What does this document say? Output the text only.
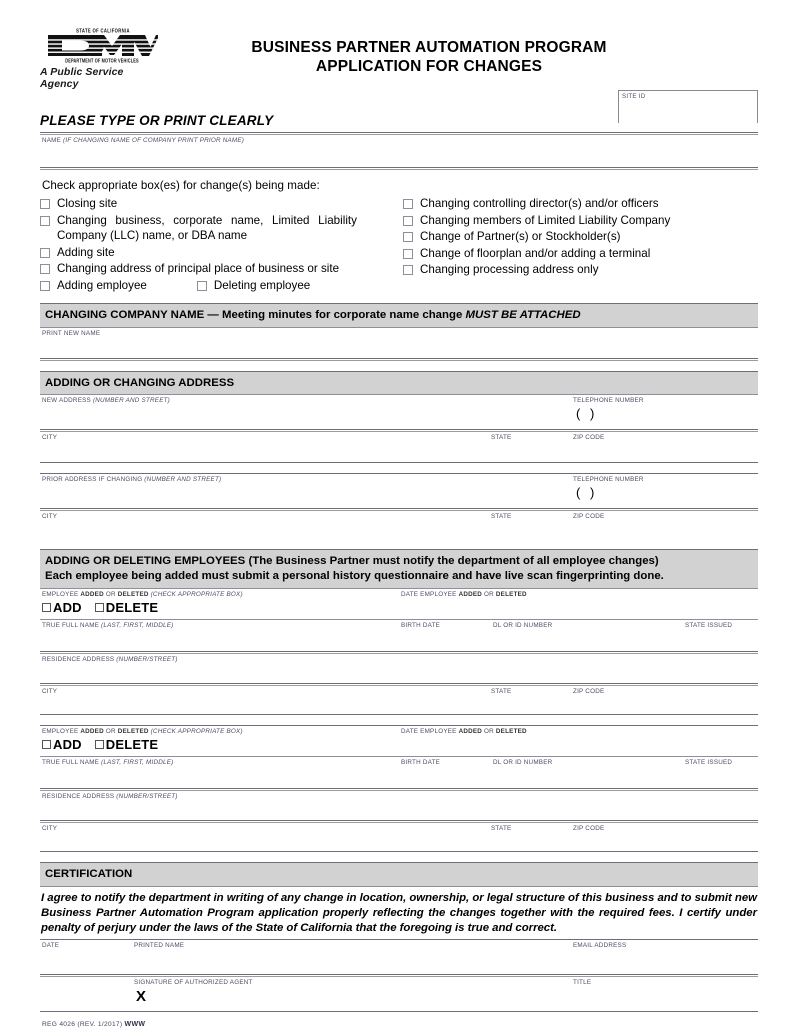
STATE OF CALIFORNIA
DEPARTMENT OF MOTOR VEHICLES
A Public Service Agency
BUSINESS PARTNER AUTOMATION PROGRAM
APPLICATION FOR CHANGES
PLEASE TYPE OR PRINT CLEARLY
SITE ID
NAME (IF CHANGING NAME OF COMPANY PRINT PRIOR NAME)
Check appropriate box(es) for change(s) being made:
Closing site
Changing business, corporate name, Limited Liability Company (LLC) name, or DBA name
Adding site
Changing address of principal place of business or site
Adding employee	Deleting employee
Changing controlling director(s) and/or officers
Changing members of Limited Liability Company
Change of Partner(s) or Stockholder(s)
Change of floorplan and/or adding a terminal
Changing processing address only
CHANGING COMPANY NAME — Meeting minutes for corporate name change MUST BE ATTACHED
PRINT NEW NAME
ADDING OR CHANGING ADDRESS
NEW ADDRESS (NUMBER AND STREET)	TELEPHONE NUMBER
( )
CITY	STATE	ZIP CODE
PRIOR ADDRESS IF CHANGING (NUMBER AND STREET)	TELEPHONE NUMBER
( )
CITY	STATE	ZIP CODE
ADDING OR DELETING EMPLOYEES (The Business Partner must notify the department of all employee changes)
Each employee being added must submit a personal history questionnaire and have live scan fingerprinting done.
EMPLOYEE ADDED OR DELETED (CHECK APPROPRIATE BOX)
ADD DELETE

DATE EMPLOYEE ADDED OR DELETED
TRUE FULL NAME (LAST, FIRST, MIDDLE)	BIRTH DATE	DL OR ID NUMBER	STATE ISSUED
RESIDENCE ADDRESS (NUMBER/STREET)
CITY	STATE	ZIP CODE
EMPLOYEE ADDED OR DELETED (CHECK APPROPRIATE BOX)
ADD DELETE

DATE EMPLOYEE ADDED OR DELETED
TRUE FULL NAME (LAST, FIRST, MIDDLE)	BIRTH DATE	DL OR ID NUMBER	STATE ISSUED
RESIDENCE ADDRESS (NUMBER/STREET)
CITY	STATE	ZIP CODE
CERTIFICATION
I agree to notify the department in writing of any change in location, ownership, or legal structure of this business and to submit new Business Partner Automation Program application properly reflecting the changes together with the required fees. I certify under penalty of perjury under the laws of the State of California that the foregoing is true and correct.
DATE	PRINTED NAME	EMAIL ADDRESS

SIGNATURE OF AUTHORIZED AGENT
X

TITLE
REG 4026 (REV. 1/2017) WWW
